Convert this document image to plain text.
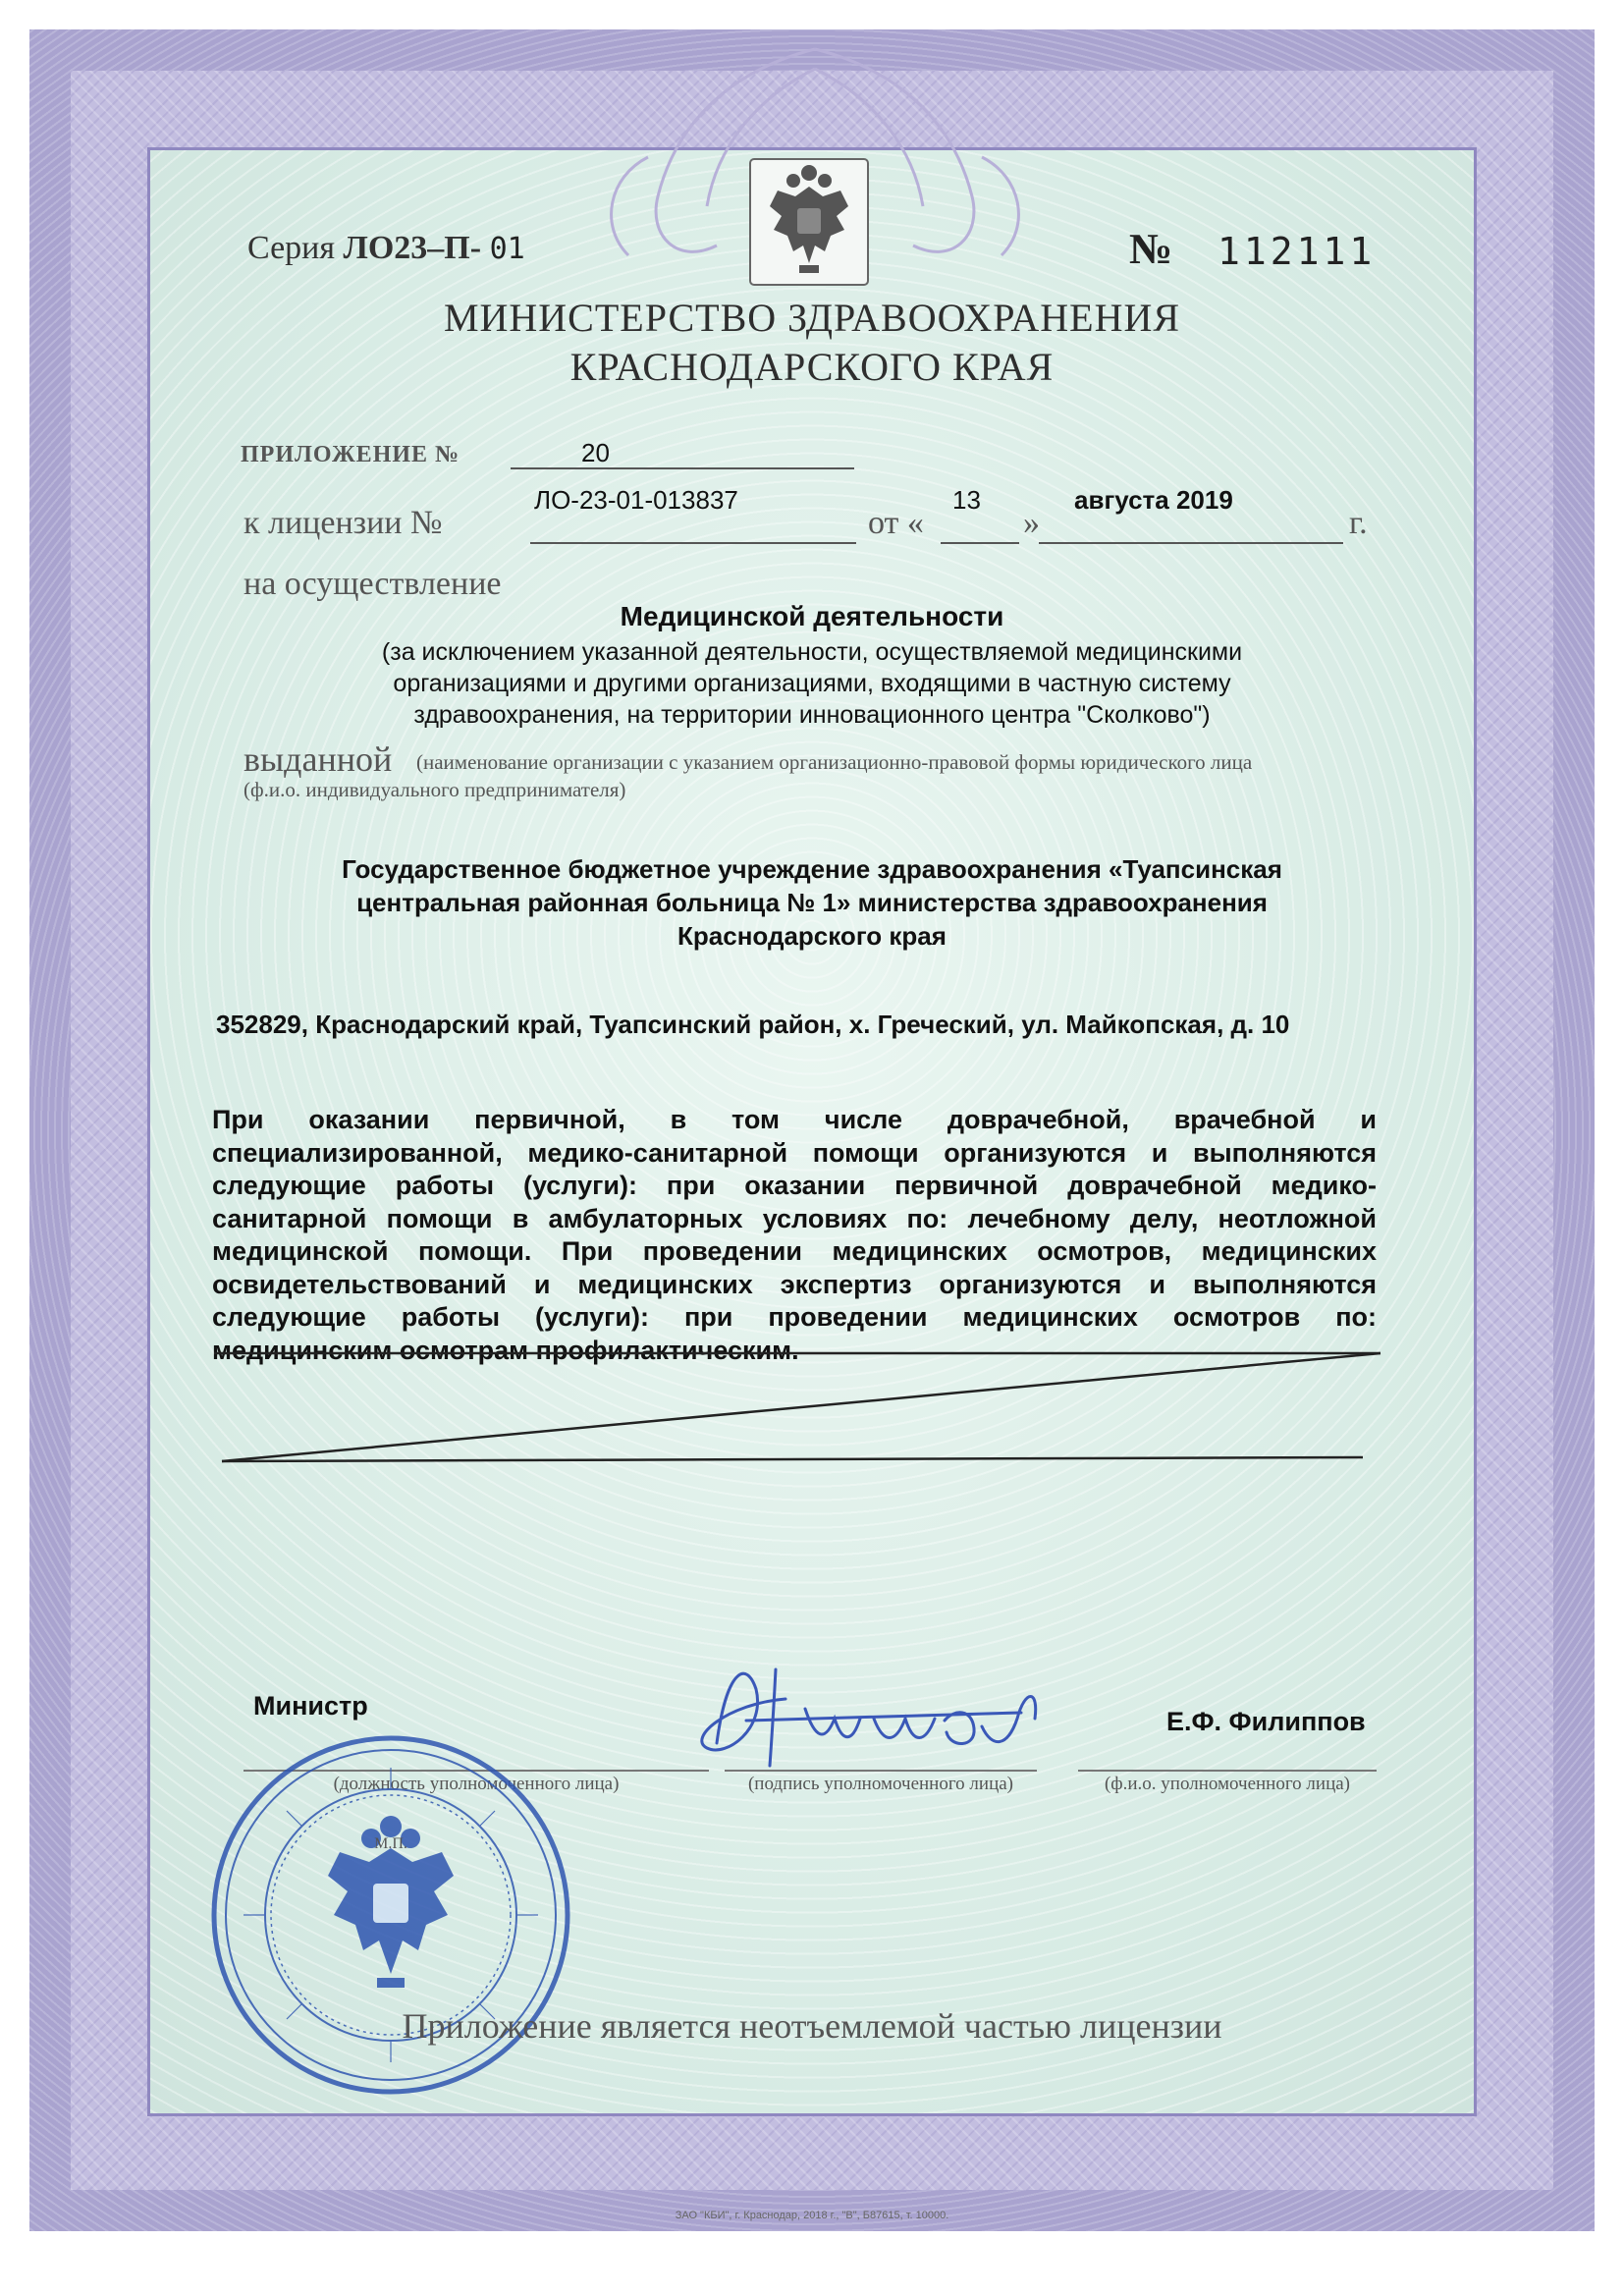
Серия ЛО23–П- 01	№ 112111
МИНИСТЕРСТВО ЗДРАВООХРАНЕНИЯ
КРАСНОДАРСКОГО КРАЯ
ПРИЛОЖЕНИЕ №	20
к лицензии №
ЛО-23-01-013837
от «
13
»
августа 2019
г.
на осуществление
Медицинской деятельности
(за исключением указанной деятельности, осуществляемой медицинскими
организациями и другими организациями, входящими в частную систему
здравоохранения, на территории инновационного центра "Сколково")
выданной (наименование организации с указанием организационно-правовой формы юридического лица
(ф.и.о. индивидуального предпринимателя)
Государственное бюджетное учреждение здравоохранения «Туапсинская
центральная районная больница № 1» министерства здравоохранения
Краснодарского края
352829, Краснодарский край, Туапсинский район, х. Греческий, ул. Майкопская, д. 10
При оказании первичной, в том числе доврачебной, врачебной и
специализированной, медико-санитарной помощи организуются и выполняются
следующие работы (услуги): при оказании первичной доврачебной медико-
санитарной помощи в амбулаторных условиях по: лечебному делу, неотложной
медицинской помощи. При проведении медицинских осмотров, медицинских
освидетельствований и медицинских экспертиз организуются и выполняются
следующие работы (услуги): при проведении медицинских осмотров по:
медицинским осмотрам профилактическим.
Министр
Е.Ф. Филиппов
(должность уполномоченного лица)	(подпись уполномоченного лица)	(ф.и.о. уполномоченного лица)
М.П.
Приложение является неотъемлемой частью лицензии
ЗАО "КБИ", г. Краснодар, 2018 г., "В", Б87615, т. 10000.
